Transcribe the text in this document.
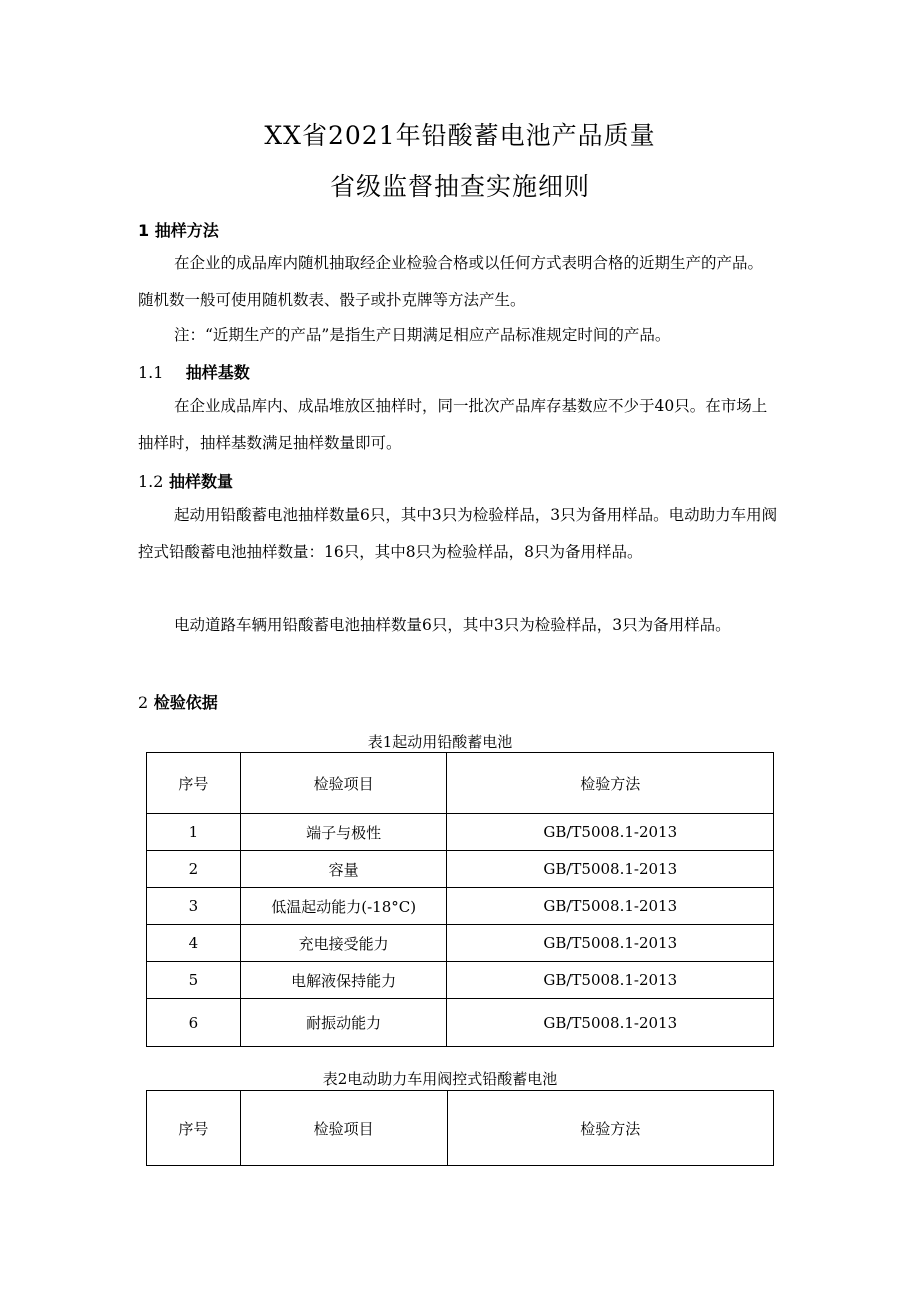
XX省2021年铅酸蓄电池产品质量
省级监督抽查实施细则
1 抽样方法
在企业的成品库内随机抽取经企业检验合格或以任何方式表明合格的近期生产的产品。随机数一般可使用随机数表、骰子或扑克牌等方法产生。
注：“近期生产的产品”是指生产日期满足相应产品标准规定时间的产品。
1.1 抽样基数
在企业成品库内、成品堆放区抽样时，同一批次产品库存基数应不少于40只。在市场上抽样时，抽样基数满足抽样数量即可。
1.2 抽样数量
起动用铅酸蓄电池抽样数量6只，其中3只为检验样品，3只为备用样品。电动助力车用阀控式铅酸蓄电池抽样数量：16只，其中8只为检验样品，8只为备用样品。
电动道路车辆用铅酸蓄电池抽样数量6只，其中3只为检验样品，3只为备用样品。
2 检验依据
表1起动用铅酸蓄电池
序号	检验项目	检验方法
1	端子与极性	GB/T5008.1-2013
2	容量	GB/T5008.1-2013
3	低温起动能力(-18°C)	GB/T5008.1-2013
4	充电接受能力	GB/T5008.1-2013
5	电解液保持能力	GB/T5008.1-2013
6	耐振动能力	GB/T5008.1-2013
表2电动助力车用阀控式铅酸蓄电池
序号	检验项目	检验方法
